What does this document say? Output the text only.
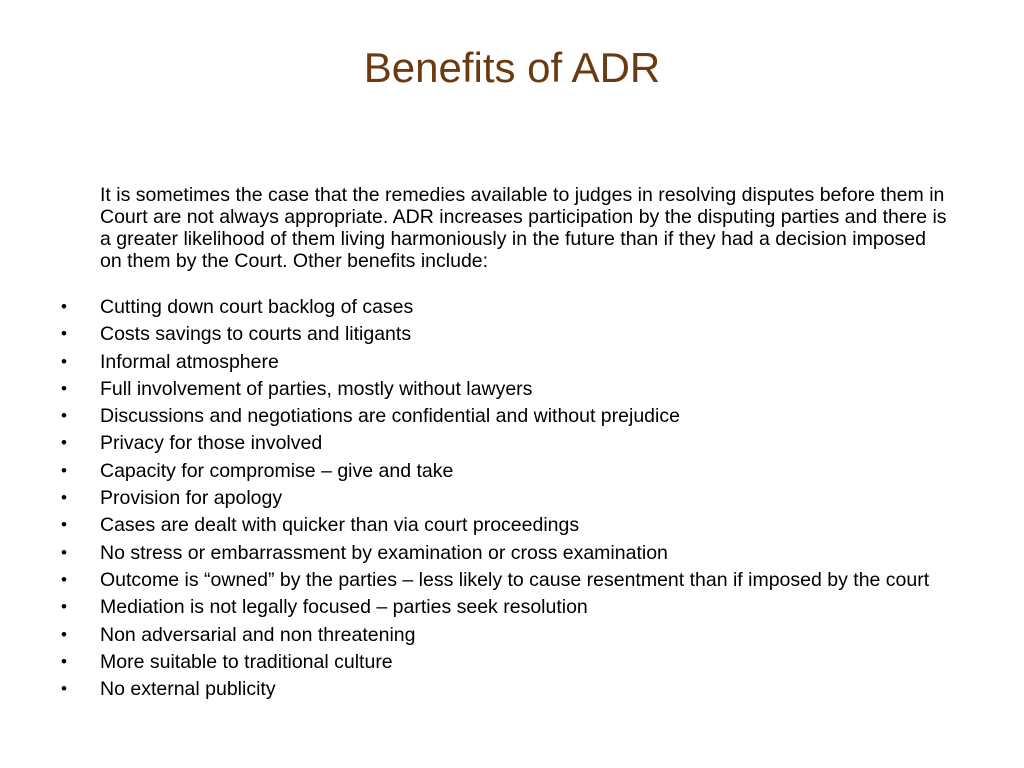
Benefits of ADR

It is sometimes the case that the remedies available to judges in resolving disputes before them in Court are not always appropriate. ADR increases participation by the disputing parties and there is a greater likelihood of them living harmoniously in the future than if they had a decision imposed on them by the Court. Other benefits include:

• Cutting down court backlog of cases
• Costs savings to courts and litigants
• Informal atmosphere
• Full involvement of parties, mostly without lawyers
• Discussions and negotiations are confidential and without prejudice
• Privacy for those involved
• Capacity for compromise – give and take
• Provision for apology
• Cases are dealt with quicker than via court proceedings
• No stress or embarrassment by examination or cross examination
• Outcome is “owned” by the parties – less likely to cause resentment than if imposed by the court
• Mediation is not legally focused – parties seek resolution
• Non adversarial and non threatening
• More suitable to traditional culture
• No external publicity
